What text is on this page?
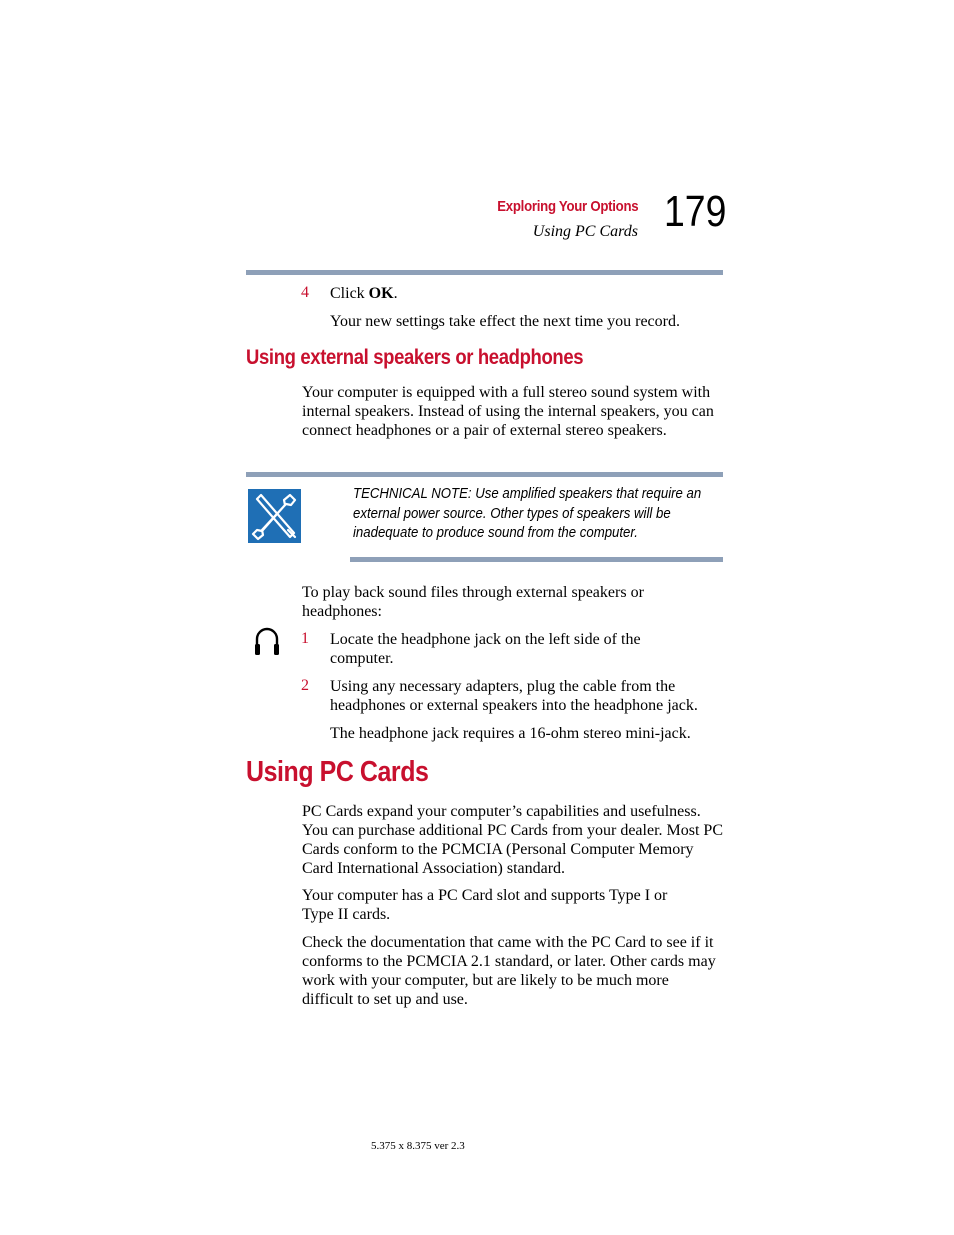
Exploring Your Options
Using PC Cards 179
4 Click OK.
Your new settings take effect the next time you record.
Using external speakers or headphones
Your computer is equipped with a full stereo sound system with internal speakers. Instead of using the internal speakers, you can connect headphones or a pair of external stereo speakers.
TECHNICAL NOTE: Use amplified speakers that require an external power source. Other types of speakers will be inadequate to produce sound from the computer.
To play back sound files through external speakers or headphones:
1 Locate the headphone jack on the left side of the computer.
2 Using any necessary adapters, plug the cable from the headphones or external speakers into the headphone jack.
The headphone jack requires a 16-ohm stereo mini-jack.
Using PC Cards
PC Cards expand your computer’s capabilities and usefulness. You can purchase additional PC Cards from your dealer. Most PC Cards conform to the PCMCIA (Personal Computer Memory Card International Association) standard.
Your computer has a PC Card slot and supports Type I or Type II cards.
Check the documentation that came with the PC Card to see if it conforms to the PCMCIA 2.1 standard, or later. Other cards may work with your computer, but are likely to be much more difficult to set up and use.
5.375 x 8.375 ver 2.3
